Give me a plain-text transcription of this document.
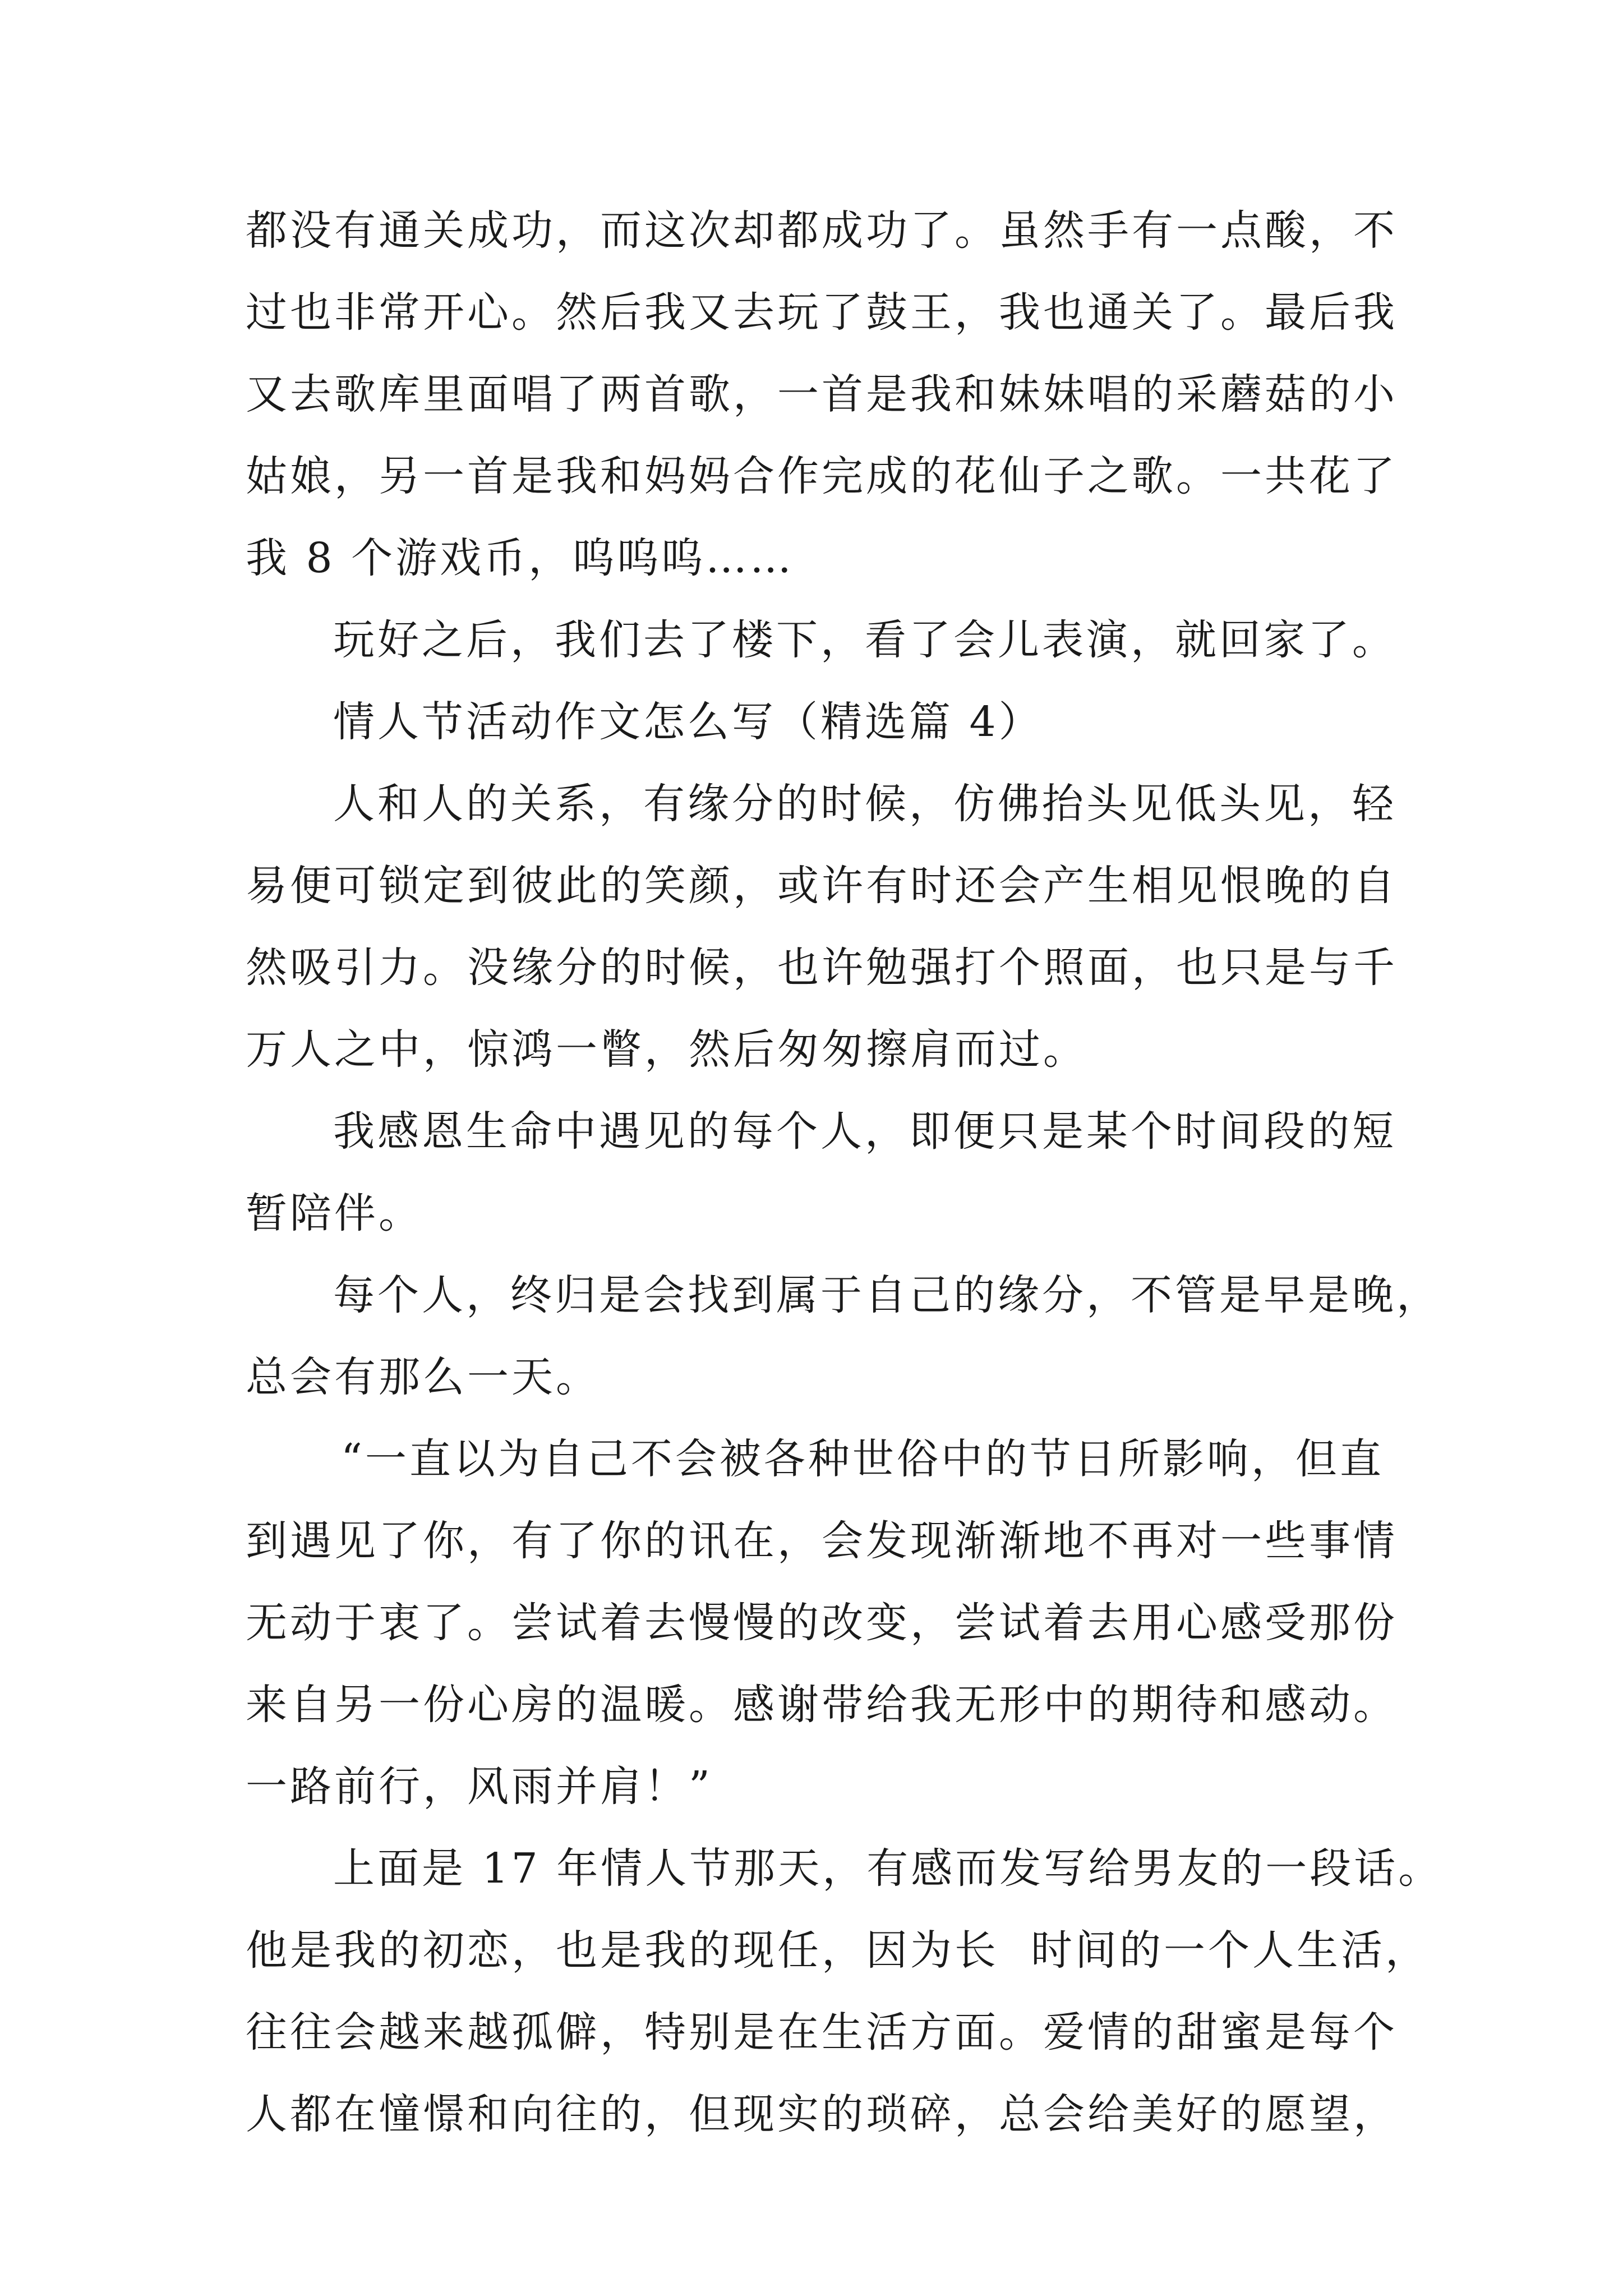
都没有通关成功，而这次却都成功了。虽然手有一点酸，不
过也非常开心。然后我又去玩了鼓王，我也通关了。最后我
又去歌库里面唱了两首歌，一首是我和妹妹唱的采蘑菇的小
姑娘，另一首是我和妈妈合作完成的花仙子之歌。一共花了
我 8 个游戏币，呜呜呜……
玩好之后，我们去了楼下，看了会儿表演，就回家了。
情人节活动作文怎么写（精选篇 4）
人和人的关系，有缘分的时候，仿佛抬头见低头见，轻
易便可锁定到彼此的笑颜，或许有时还会产生相见恨晚的自
然吸引力。没缘分的时候，也许勉强打个照面，也只是与千
万人之中，惊鸿一瞥，然后匆匆擦肩而过。
我感恩生命中遇见的每个人，即便只是某个时间段的短
暂陪伴。
每个人，终归是会找到属于自己的缘分，不管是早是晚，
总会有那么一天。
“一直以为自己不会被各种世俗中的节日所影响，但直
到遇见了你，有了你的讯在，会发现渐渐地不再对一些事情
无动于衷了。尝试着去慢慢的改变，尝试着去用心感受那份
来自另一份心房的温暖。感谢带给我无形中的期待和感动。
一路前行，风雨并肩！”
上面是 17 年情人节那天，有感而发写给男友的一段话。
他是我的初恋，也是我的现任，因为长  时间的一个人生活，
往往会越来越孤僻，特别是在生活方面。爱情的甜蜜是每个
人都在憧憬和向往的，但现实的琐碎，总会给美好的愿望，
